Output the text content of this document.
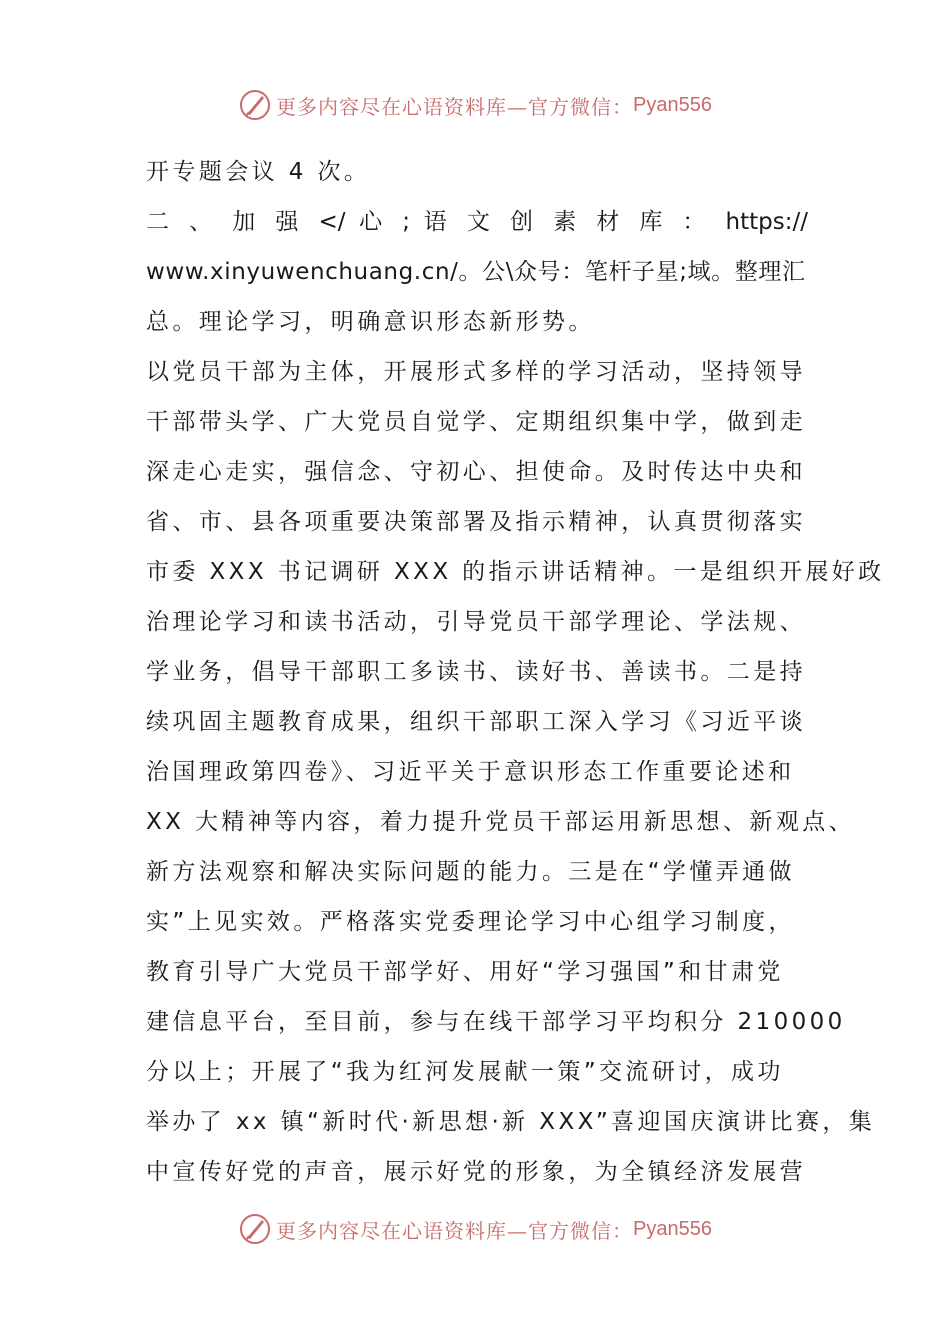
更多内容尽在心语资料库—官方微信： Pyan556
开专题会议 4 次。
二 、 加 强 </ 心 ; 语 文 创 素 材 库 ： https://
www.xinyuwenchuang.cn/。公\众号：笔杆子星;域。整理汇
总。理论学习，明确意识形态新形势。
以党员干部为主体，开展形式多样的学习活动，坚持领导
干部带头学、广大党员自觉学、定期组织集中学，做到走
深走心走实，强信念、守初心、担使命。及时传达中央和
省、市、县各项重要决策部署及指示精神，认真贯彻落实
市委 XXX 书记调研 XXX 的指示讲话精神。一是组织开展好政
治理论学习和读书活动，引导党员干部学理论、学法规、
学业务，倡导干部职工多读书、读好书、善读书。二是持
续巩固主题教育成果，组织干部职工深入学习《习近平谈
治国理政第四卷》、习近平关于意识形态工作重要论述和
XX 大精神等内容，着力提升党员干部运用新思想、新观点、
新方法观察和解决实际问题的能力。三是在“学懂弄通做
实”上见实效。严格落实党委理论学习中心组学习制度，
教育引导广大党员干部学好、用好“学习强国”和甘肃党
建信息平台，至目前，参与在线干部学习平均积分 210000
分以上；开展了“我为红河发展献一策”交流研讨，成功
举办了 xx 镇“新时代·新思想·新 XXX”喜迎国庆演讲比赛，集
中宣传好党的声音，展示好党的形象，为全镇经济发展营
更多内容尽在心语资料库—官方微信： Pyan556
